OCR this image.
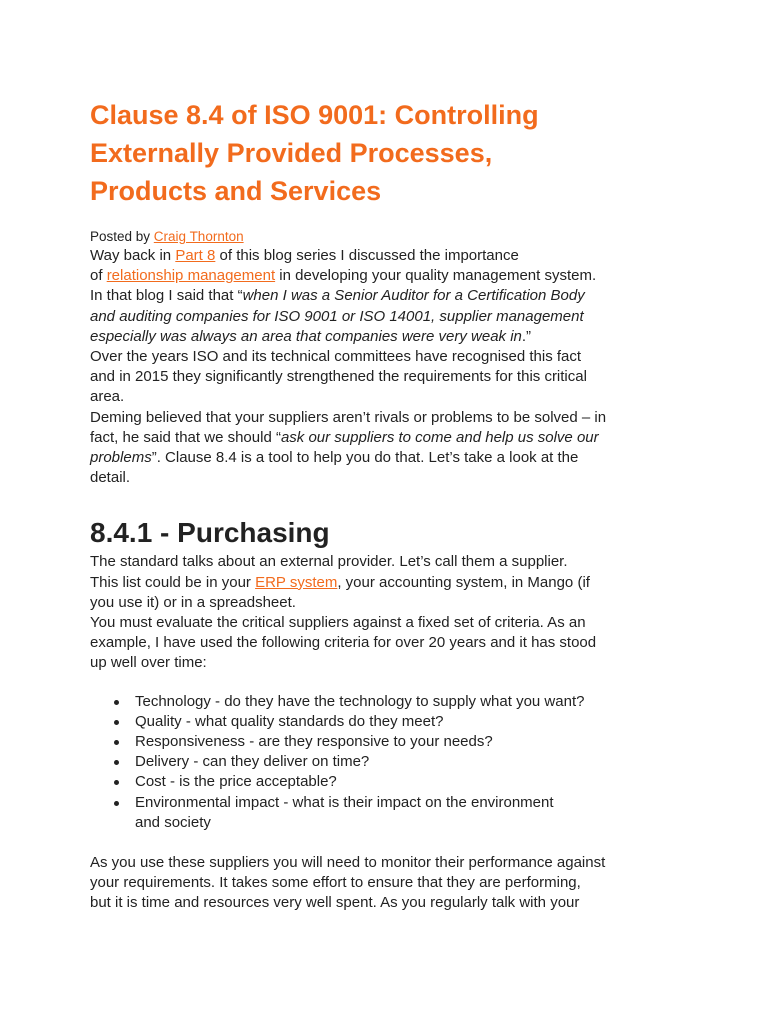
Clause 8.4 of ISO 9001: Controlling
Externally Provided Processes,
Products and Services
Posted by Craig Thornton

Way back in Part 8 of this blog series I discussed the importance
of relationship management in developing your quality management system.
In that blog I said that “when I was a Senior Auditor for a Certification Body
and auditing companies for ISO 9001 or ISO 14001, supplier management
especially was always an area that companies were very weak in.”

Over the years ISO and its technical committees have recognised this fact
and in 2015 they significantly strengthened the requirements for this critical
area.

Deming believed that your suppliers aren’t rivals or problems to be solved – in
fact, he said that we should “ask our suppliers to come and help us solve our
problems”. Clause 8.4 is a tool to help you do that. Let’s take a look at the
detail.

8.4.1 - Purchasing

The standard talks about an external provider. Let’s call them a supplier.
This list could be in your ERP system, your accounting system, in Mango (if
you use it) or in a spreadsheet.

You must evaluate the critical suppliers against a fixed set of criteria. As an
example, I have used the following criteria for over 20 years and it has stood
up well over time:

Technology - do they have the technology to supply what you want?
Quality - what quality standards do they meet?
Responsiveness - are they responsive to your needs?
Delivery - can they deliver on time?
Cost - is the price acceptable?
Environmental impact - what is their impact on the environment
and society

As you use these suppliers you will need to monitor their performance against
your requirements. It takes some effort to ensure that they are performing,
but it is time and resources very well spent. As you regularly talk with your
